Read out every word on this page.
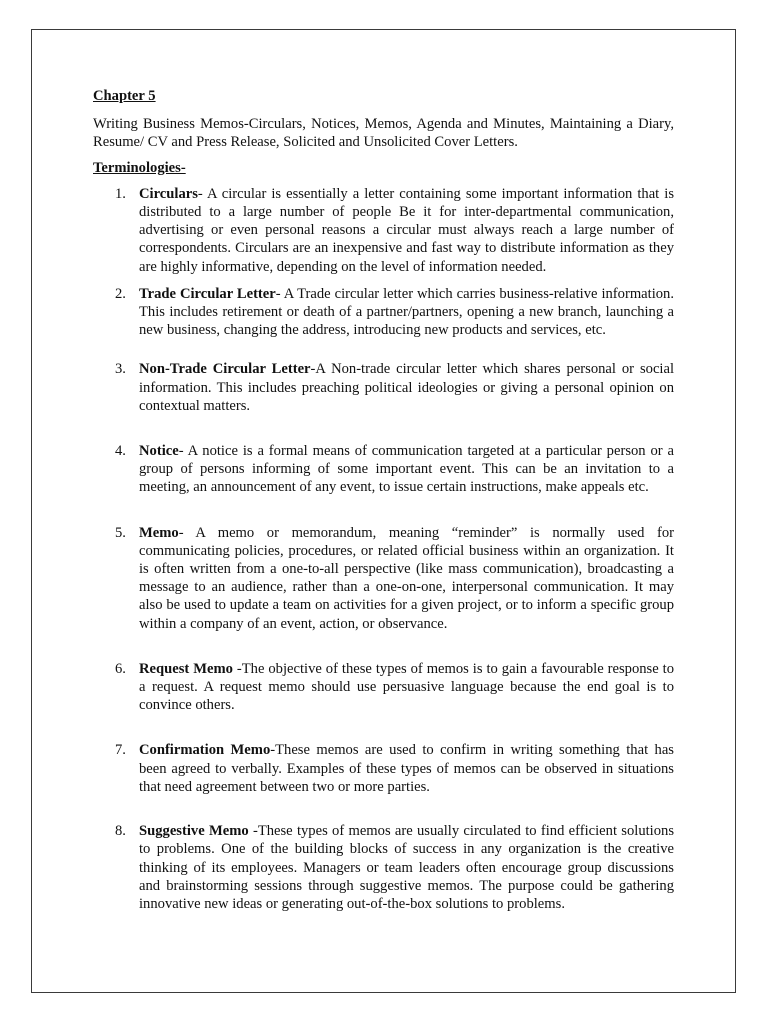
Chapter 5
Writing Business Memos-Circulars, Notices, Memos, Agenda and Minutes, Maintaining a Diary, Resume/ CV and Press Release, Solicited and Unsolicited Cover Letters.
Terminologies-
1. Circulars- A circular is essentially a letter containing some important information that is distributed to a large number of people Be it for inter-departmental communication, advertising or even personal reasons a circular must always reach a large number of correspondents. Circulars are an inexpensive and fast way to distribute information as they are highly informative, depending on the level of information needed.
2. Trade Circular Letter- A Trade circular letter which carries business-relative information. This includes retirement or death of a partner/partners, opening a new branch, launching a new business, changing the address, introducing new products and services, etc.
3. Non-Trade Circular Letter-A Non-trade circular letter which shares personal or social information. This includes preaching political ideologies or giving a personal opinion on contextual matters.
4. Notice- A notice is a formal means of communication targeted at a particular person or a group of persons informing of some important event. This can be an invitation to a meeting, an announcement of any event, to issue certain instructions, make appeals etc.
5. Memo- A memo or memorandum, meaning “reminder” is normally used for communicating policies, procedures, or related official business within an organization. It is often written from a one-to-all perspective (like mass communication), broadcasting a message to an audience, rather than a one-on-one, interpersonal communication. It may also be used to update a team on activities for a given project, or to inform a specific group within a company of an event, action, or observance.
6. Request Memo -The objective of these types of memos is to gain a favourable response to a request. A request memo should use persuasive language because the end goal is to convince others.
7. Confirmation Memo-These memos are used to confirm in writing something that has been agreed to verbally. Examples of these types of memos can be observed in situations that need agreement between two or more parties.
8. Suggestive Memo -These types of memos are usually circulated to find efficient solutions to problems. One of the building blocks of success in any organization is the creative thinking of its employees. Managers or team leaders often encourage group discussions and brainstorming sessions through suggestive memos. The purpose could be gathering innovative new ideas or generating out-of-the-box solutions to problems.
